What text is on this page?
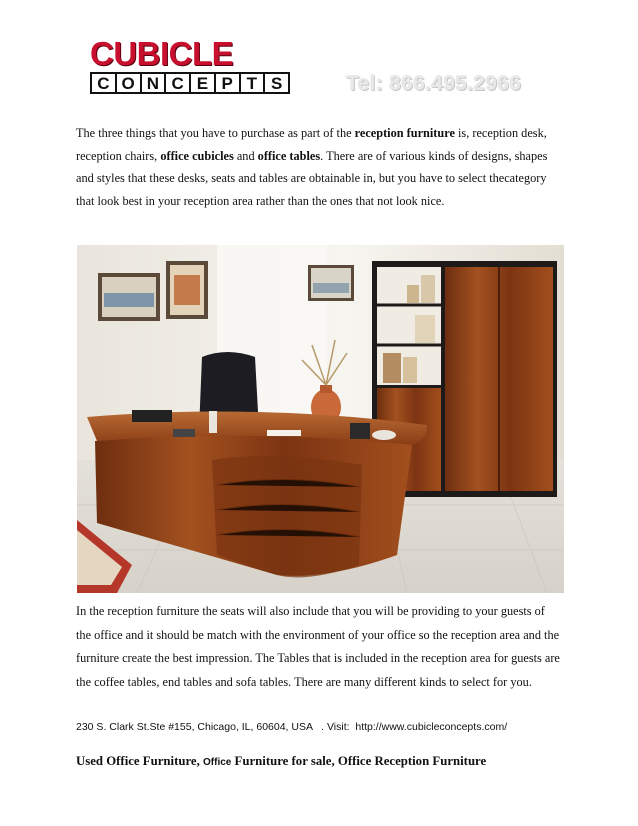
CUBICLE
C O N C E P T S	Tel: 866.495.2966

The three things that you have to purchase as part of the reception furniture is, reception desk, reception chairs, office cubicles and office tables. There are of various kinds of designs, shapes and styles that these desks, seats and tables are obtainable in, but you have to select thecategory that look best in your reception area rather than the ones that not look nice.

In the reception furniture the seats will also include that you will be providing to your guests of the office and it should be match with the environment of your office so the reception area and the furniture create the best impression. The Tables that is included in the reception area for guests are the coffee tables, end tables and sofa tables. There are many different kinds to select for you.

230 S. Clark St.Ste #155, Chicago, IL, 60604, USA   . Visit:  http://www.cubicleconcepts.com/
Used Office Furniture, Office Furniture for sale, Office Reception Furniture
